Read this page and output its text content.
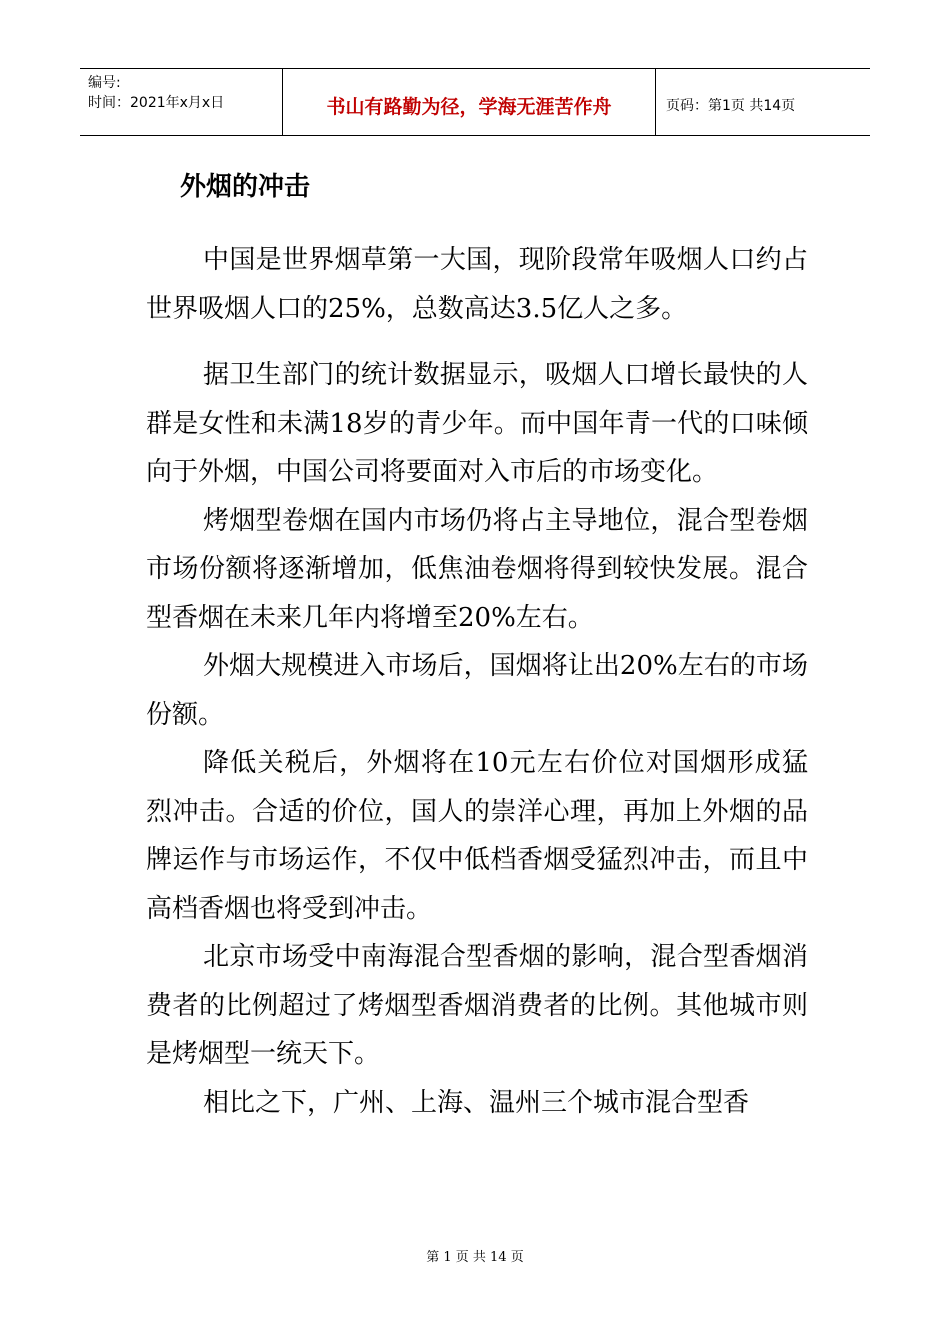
编号:
时间：2021年x月x日	书山有路勤为径，学海无涯苦作舟	页码：第1页 共14页
外烟的冲击

中国是世界烟草第一大国，现阶段常年吸烟人口约占世界吸烟人口的25%，总数高达3.5亿人之多。

据卫生部门的统计数据显示，吸烟人口增长最快的人群是女性和未满18岁的青少年。而中国年青一代的口味倾向于外烟，中国公司将要面对入市后的市场变化。

烤烟型卷烟在国内市场仍将占主导地位，混合型卷烟市场份额将逐渐增加，低焦油卷烟将得到较快发展。混合型香烟在未来几年内将增至20%左右。

外烟大规模进入市场后，国烟将让出20%左右的市场份额。

降低关税后，外烟将在10元左右价位对国烟形成猛烈冲击。合适的价位，国人的崇洋心理，再加上外烟的品牌运作与市场运作，不仅中低档香烟受猛烈冲击，而且中高档香烟也将受到冲击。

北京市场受中南海混合型香烟的影响，混合型香烟消费者的比例超过了烤烟型香烟消费者的比例。其他城市则是烤烟型一统天下。

相比之下，广州、上海、温州三个城市混合型香

第 1 页 共 14 页
